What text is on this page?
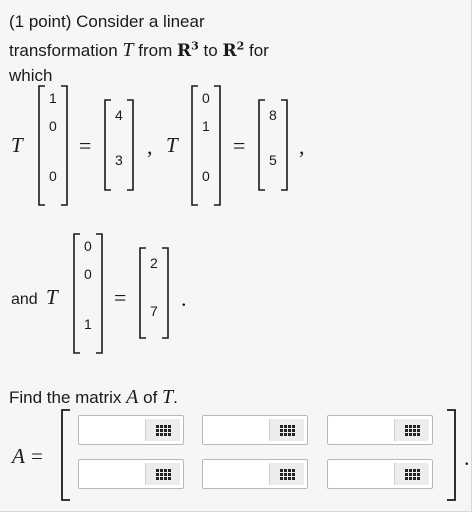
(1 point) Consider a linear
transformation T from $R^3$ to $R^2$ for
which
T
1
0
0
=
4
3
, T
0
1
0
=
8
5
,
and T
0
0
1
=
2
7 .
A =	.
Find the matrix A of T.
